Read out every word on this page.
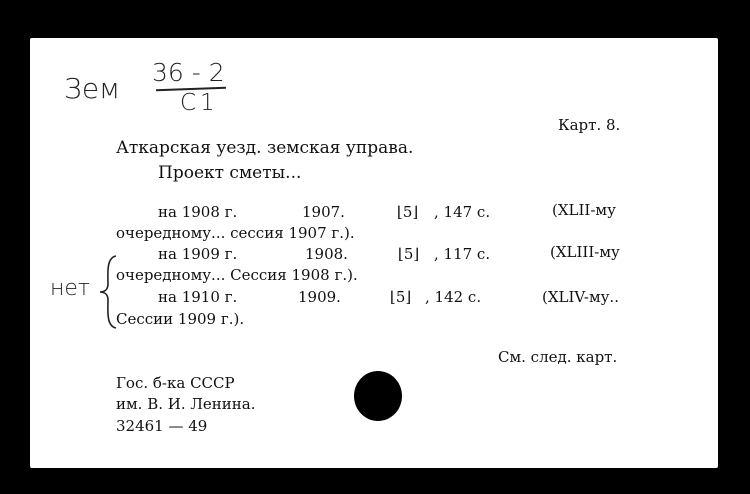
Зем 36 - 2
C1
Карт. 8.
Аткарская уезд. земская управа.
Проект сметы...
на 1908 г.	1907.	⌊5⌋ , 147 с.	(XLII-му
очередному... сессия 1907 г.).
на 1909 г.	1908.	⌊5⌋ , 117 с.	(XLIII-му
очередному... Сессия 1908 г.).
на 1910 г.	1909.	⌊5⌋ , 142 с.	(XLIV-му..
Сессии 1909 г.).
нет
См. след. карт.
Гос. б-ка СССР
им. В. И. Ленина.
32461 — 49
